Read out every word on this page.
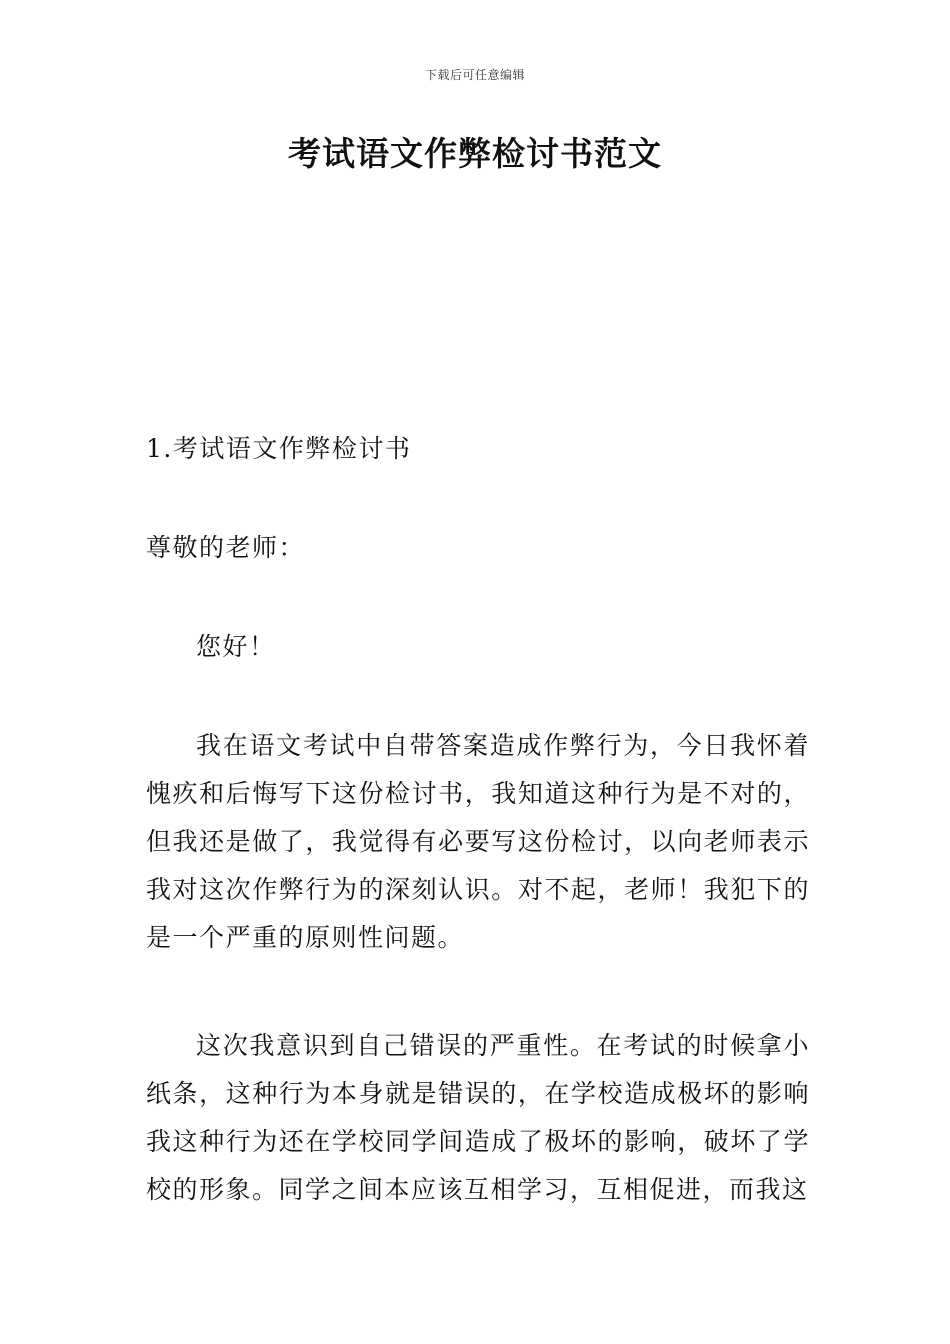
下载后可任意编辑
考试语文作弊检讨书范文
1.考试语文作弊检讨书
尊敬的老师：
您好！
我在语文考试中自带答案造成作弊行为，今日我怀着愧疚和后悔写下这份检讨书，我知道这种行为是不对的，但我还是做了，我觉得有必要写这份检讨，以向老师表示我对这次作弊行为的深刻认识。对不起，老师！我犯下的是一个严重的原则性问题。
这次我意识到自己错误的严重性。在考试的时候拿小纸条，这种行为本身就是错误的，在学校造成极坏的影响我这种行为还在学校同学间造成了极坏的影响，破坏了学校的形象。同学之间本应该互相学习，互相促进，而我这
